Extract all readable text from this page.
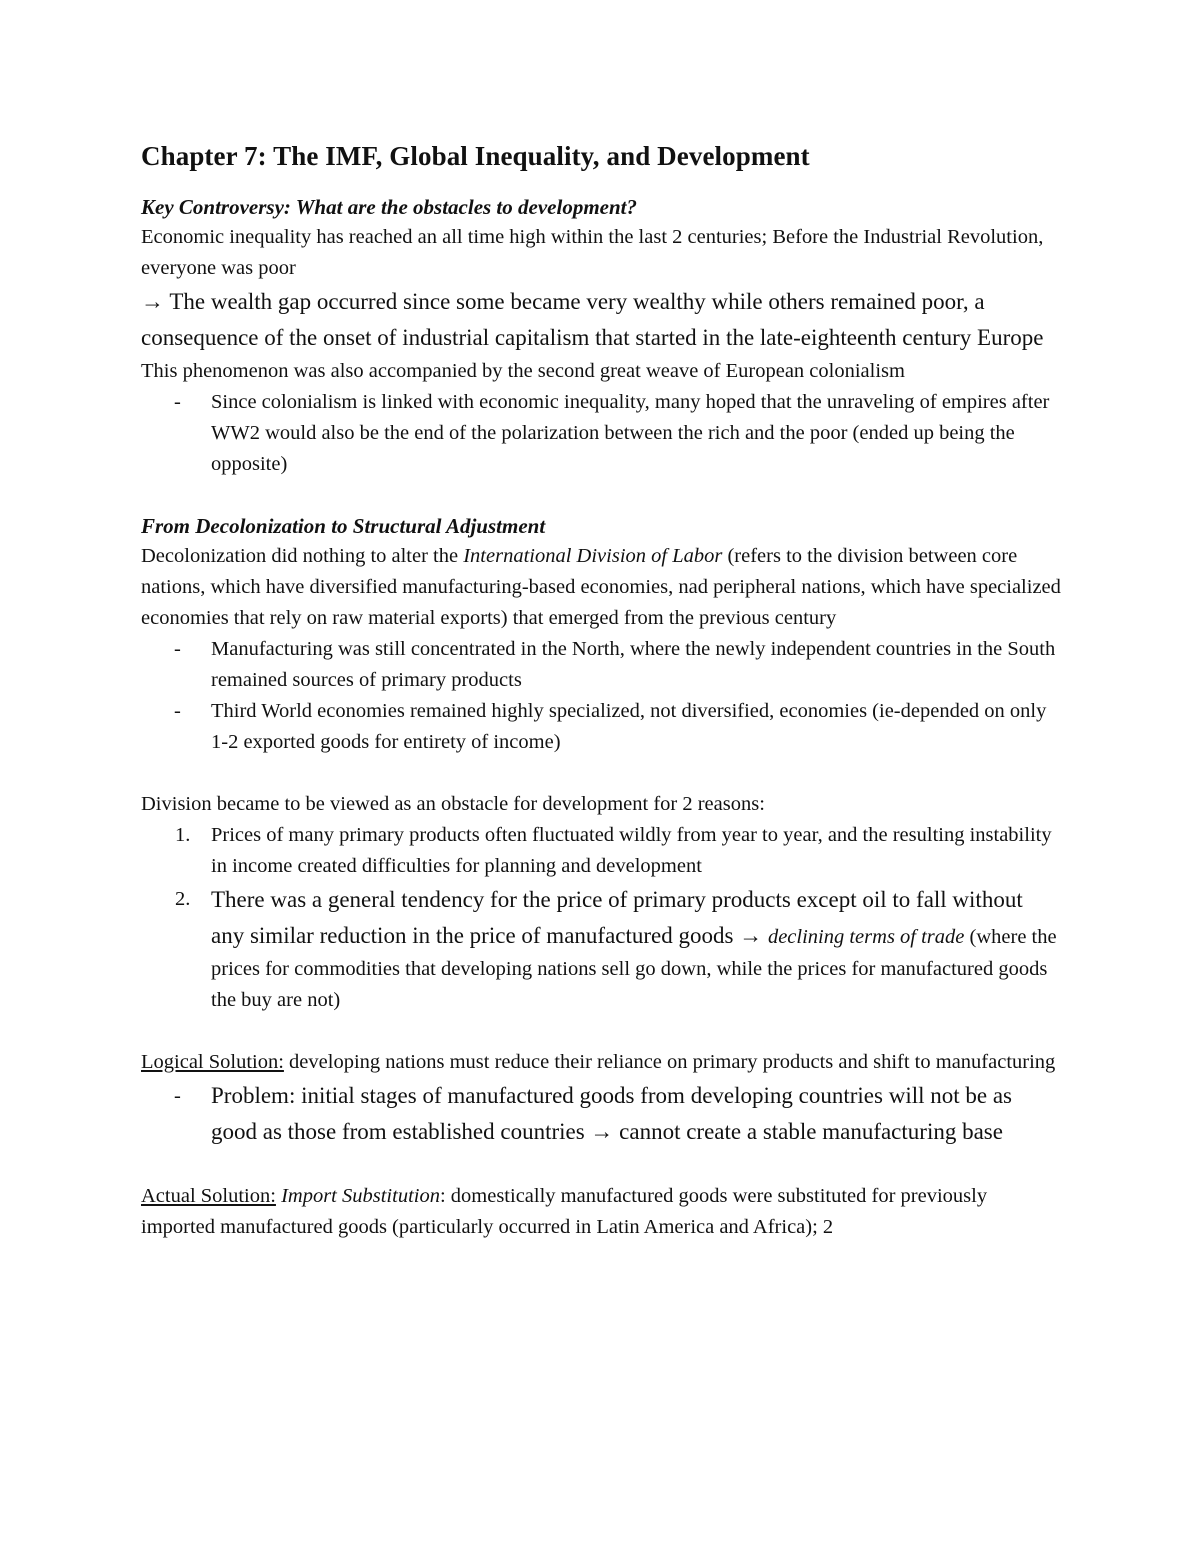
Chapter 7: The IMF, Global Inequality, and Development

Key Controversy: What are the obstacles to development?

Economic inequality has reached an all time high within the last 2 centuries; Before the Industrial Revolution, everyone was poor

→ The wealth gap occurred since some became very wealthy while others remained poor, a consequence of the onset of industrial capitalism that started in the late-eighteenth century Europe

This phenomenon was also accompanied by the second great weave of European colonialism

- Since colonialism is linked with economic inequality, many hoped that the unraveling of empires after WW2 would also be the end of the polarization between the rich and the poor (ended up being the opposite)

From Decolonization to Structural Adjustment

Decolonization did nothing to alter the International Division of Labor (refers to the division between core nations, which have diversified manufacturing-based economies, nad peripheral nations, which have specialized economies that rely on raw material exports) that emerged from the previous century

- Manufacturing was still concentrated in the North, where the newly independent countries in the South remained sources of primary products
- Third World economies remained highly specialized, not diversified, economies (ie-depended on only 1-2 exported goods for entirety of income)

Division became to be viewed as an obstacle for development for 2 reasons:

1. Prices of many primary products often fluctuated wildly from year to year, and the resulting instability in income created difficulties for planning and development
2. There was a general tendency for the price of primary products except oil to fall without any similar reduction in the price of manufactured goods → declining terms of trade (where the prices for commodities that developing nations sell go down, while the prices for manufactured goods the buy are not)

Logical Solution: developing nations must reduce their reliance on primary products and shift to manufacturing

- Problem: initial stages of manufactured goods from developing countries will not be as good as those from established countries → cannot create a stable manufacturing base

Actual Solution: Import Substitution: domestically manufactured goods were substituted for previously imported manufactured goods (particularly occurred in Latin America and Africa); 2
